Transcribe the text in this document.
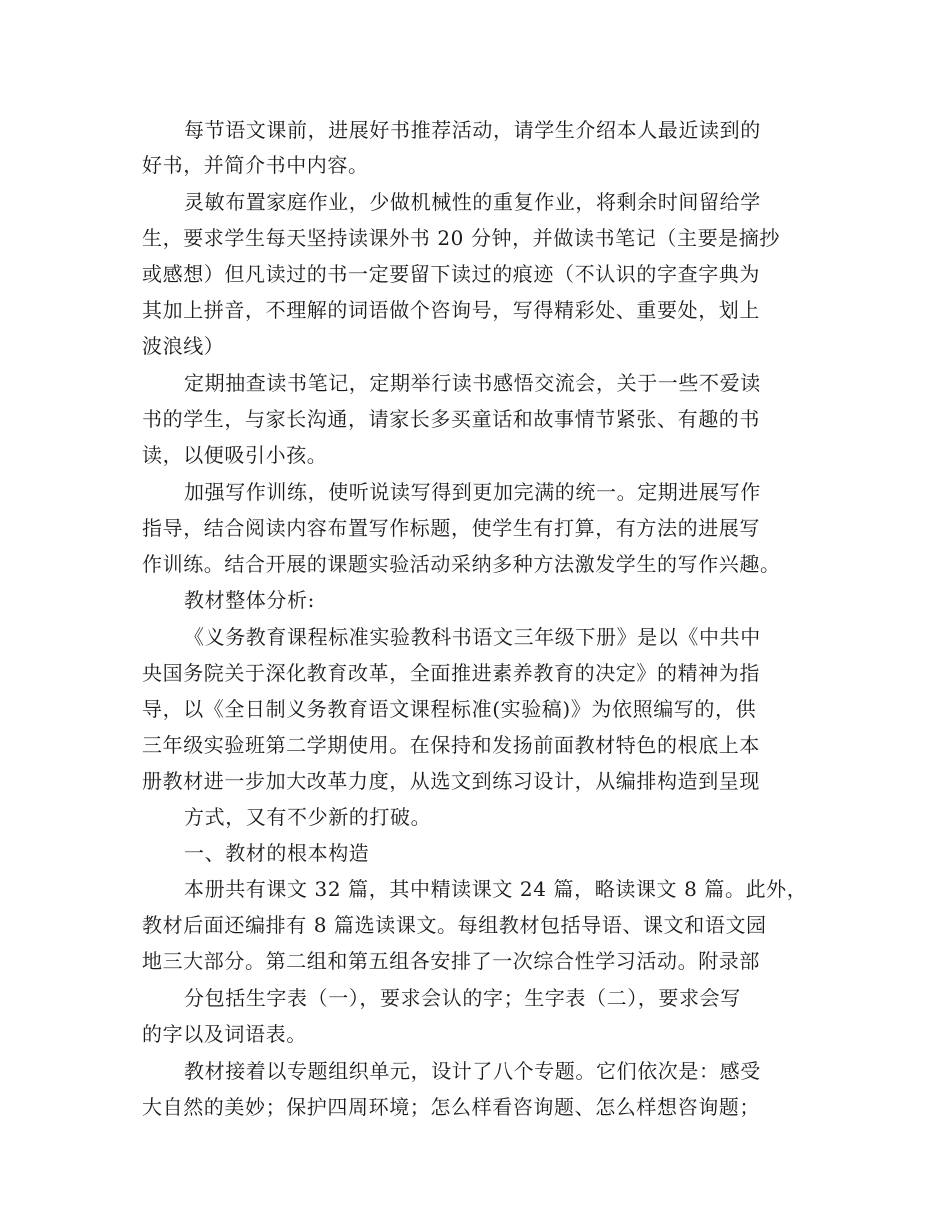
每节语文课前，进展好书推荐活动，请学生介绍本人最近读到的
好书，并简介书中内容。
灵敏布置家庭作业，少做机械性的重复作业，将剩余时间留给学
生，要求学生每天坚持读课外书 20 分钟，并做读书笔记（主要是摘抄
或感想）但凡读过的书一定要留下读过的痕迹（不认识的字查字典为
其加上拼音，不理解的词语做个咨询号，写得精彩处、重要处，划上
波浪线）
定期抽查读书笔记，定期举行读书感悟交流会，关于一些不爱读
书的学生，与家长沟通，请家长多买童话和故事情节紧张、有趣的书
读，以便吸引小孩。
加强写作训练，使听说读写得到更加完满的统一。定期进展写作
指导，结合阅读内容布置写作标题，使学生有打算，有方法的进展写
作训练。结合开展的课题实验活动采纳多种方法激发学生的写作兴趣。
教材整体分析:
《义务教育课程标准实验教科书语文三年级下册》是以《中共中
央国务院关于深化教育改革，全面推进素养教育的决定》的精神为指
导，以《全日制义务教育语文课程标准(实验稿)》为依照编写的，供
三年级实验班第二学期使用。在保持和发扬前面教材特色的根底上本
册教材进一步加大改革力度，从选文到练习设计，从编排构造到呈现
方式，又有不少新的打破。
一、教材的根本构造
本册共有课文 32 篇，其中精读课文 24 篇，略读课文 8 篇。此外，
教材后面还编排有 8 篇选读课文。每组教材包括导语、课文和语文园
地三大部分。第二组和第五组各安排了一次综合性学习活动。附录部
分包括生字表（一），要求会认的字；生字表（二），要求会写
的字以及词语表。
教材接着以专题组织单元，设计了八个专题。它们依次是：感受
大自然的美妙；保护四周环境；怎么样看咨询题、怎么样想咨询题；
